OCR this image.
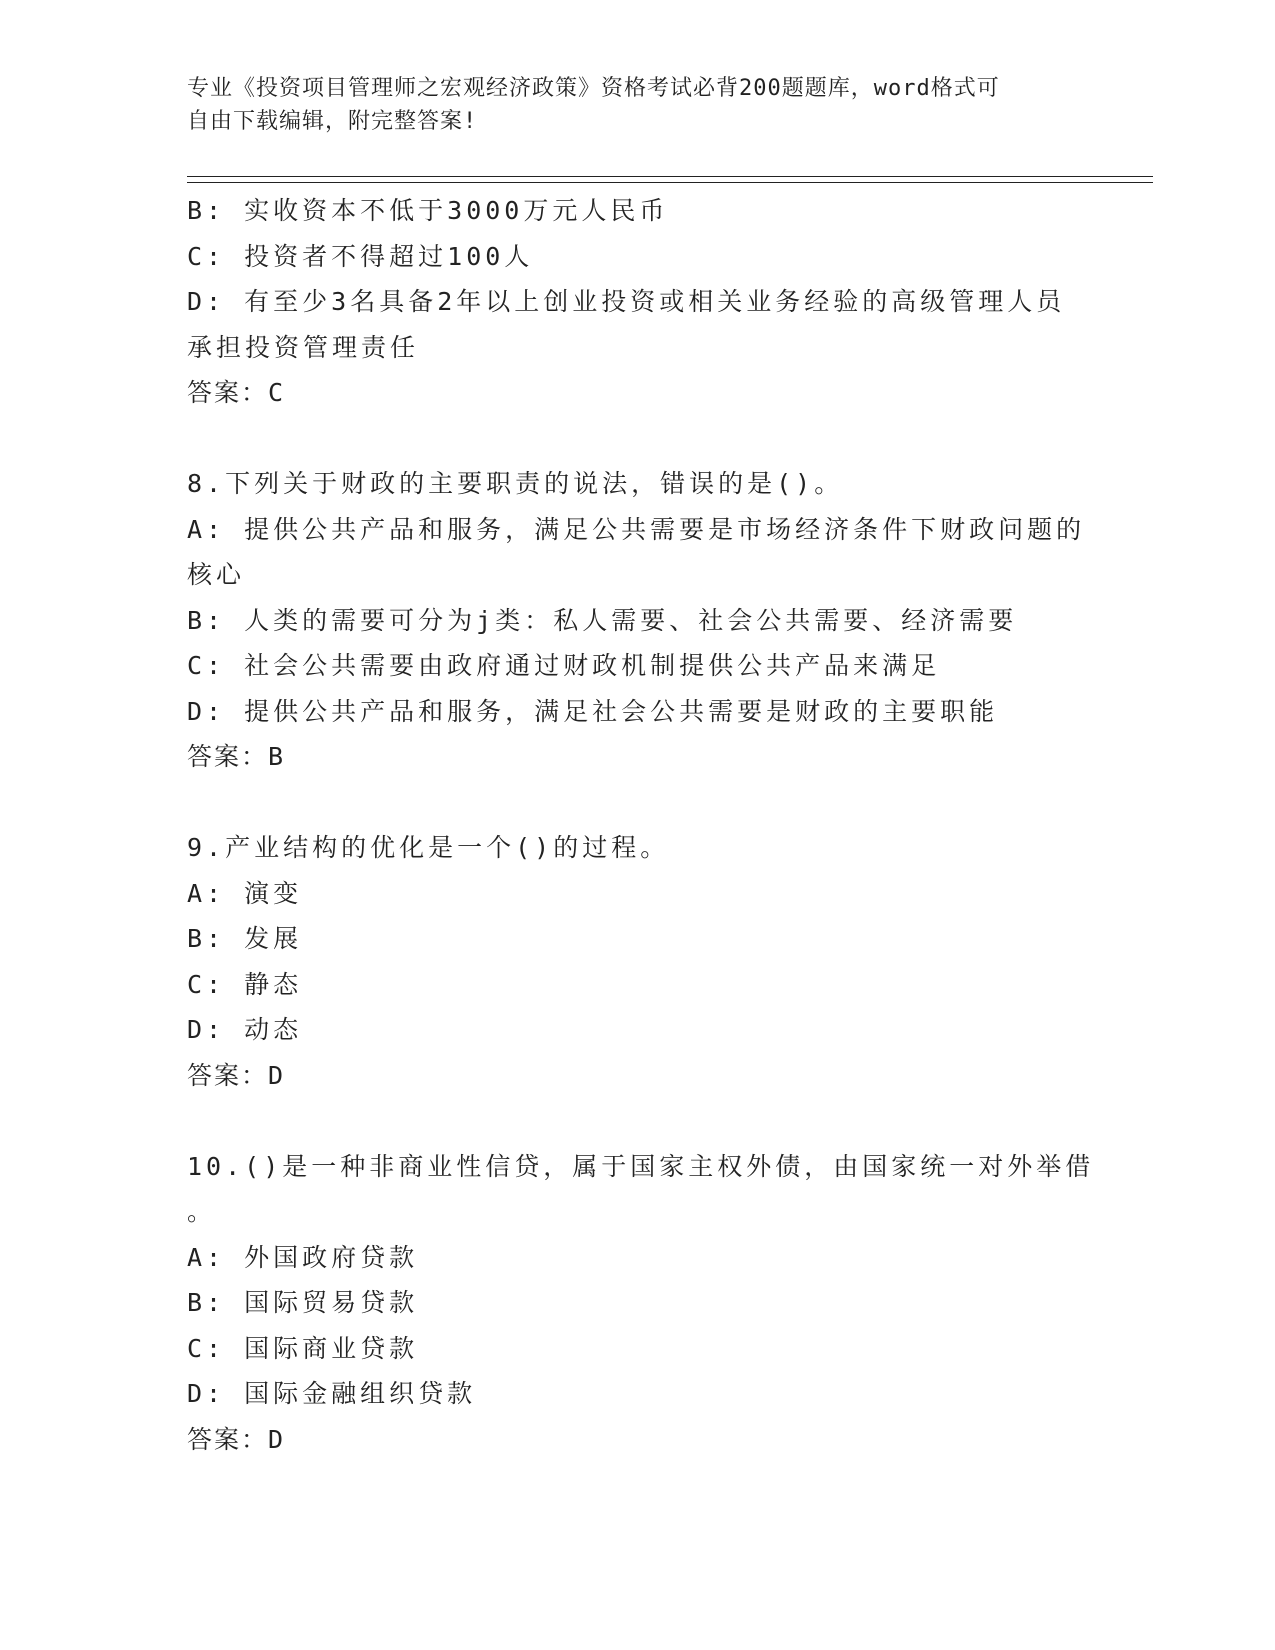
专业《投资项目管理师之宏观经济政策》资格考试必背200题题库，word格式可
自由下载编辑，附完整答案!
B: 实收资本不低于3000万元人民币
C: 投资者不得超过100人
D: 有至少3名具备2年以上创业投资或相关业务经验的高级管理人员
承担投资管理责任
答案：C
8.下列关于财政的主要职责的说法，错误的是()。
A: 提供公共产品和服务，满足公共需要是市场经济条件下财政问题的
核心
B: 人类的需要可分为j类：私人需要、社会公共需要、经济需要
C: 社会公共需要由政府通过财政机制提供公共产品来满足
D: 提供公共产品和服务，满足社会公共需要是财政的主要职能
答案：B
9.产业结构的优化是一个()的过程。
A: 演变
B: 发展
C: 静态
D: 动态
答案：D
10.()是一种非商业性信贷，属于国家主权外债，由国家统一对外举借
。
A: 外国政府贷款
B: 国际贸易贷款
C: 国际商业贷款
D: 国际金融组织贷款
答案：D
